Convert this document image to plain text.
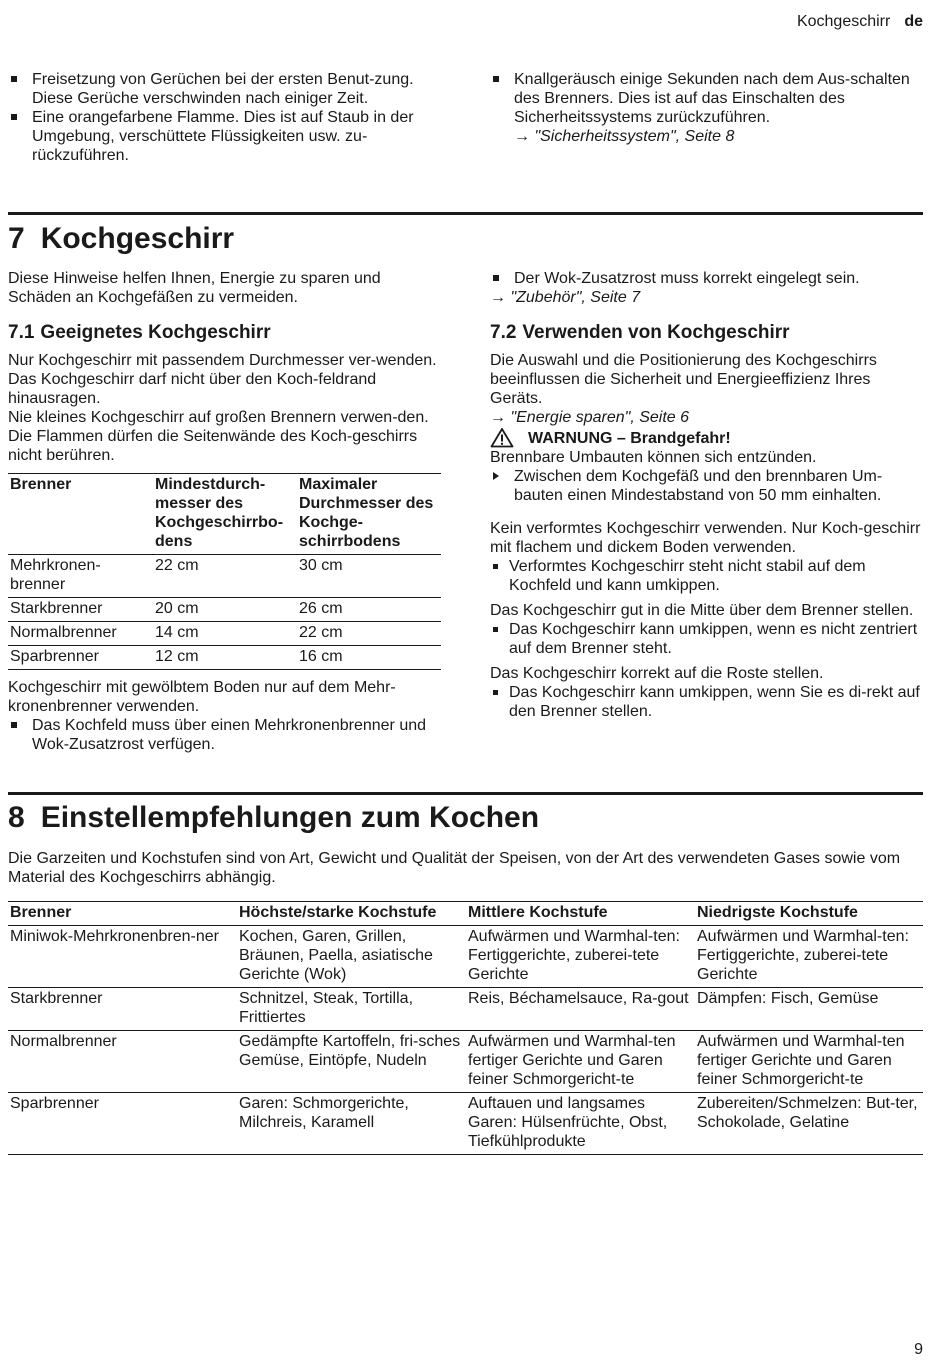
Kochgeschirr de

Freisetzung von Gerüchen bei der ersten Benut-zung. Diese Gerüche verschwinden nach einiger Zeit.

Eine orangefarbene Flamme. Dies ist auf Staub in der Umgebung, verschüttete Flüssigkeiten usw. zu-rückzuführen.

Knallgeräusch einige Sekunden nach dem Aus-schalten des Brenners. Dies ist auf das Einschalten des Sicherheitssystems zurückzuführen.

→ "Sicherheitssystem", Seite 8

7 Kochgeschirr

Diese Hinweise helfen Ihnen, Energie zu sparen und Schäden an Kochgefäßen zu vermeiden.

7.1 Geeignetes Kochgeschirr

Nur Kochgeschirr mit passendem Durchmesser ver-wenden. Das Kochgeschirr darf nicht über den Koch-feldrand hinausragen.

Nie kleines Kochgeschirr auf großen Brennern verwen-den. Die Flammen dürfen die Seitenwände des Koch-geschirrs nicht berühren.

Brenner	Mindestdurch-messer des Kochgeschirrbo-dens	Maximaler Durchmesser des Kochge-schirrbodens
Mehrkronen-brenner	22 cm	30 cm
Starkbrenner	20 cm	26 cm
Normalbrenner	14 cm	22 cm
Sparbrenner	12 cm	16 cm

Kochgeschirr mit gewölbtem Boden nur auf dem Mehr-kronenbrenner verwenden.

Das Kochfeld muss über einen Mehrkronenbrenner und Wok-Zusatzrost verfügen.

Der Wok-Zusatzrost muss korrekt eingelegt sein.

→ "Zubehör", Seite 7

7.2 Verwenden von Kochgeschirr

Die Auswahl und die Positionierung des Kochgeschirrs beeinflussen die Sicherheit und Energieeffizienz Ihres Geräts.

→ "Energie sparen", Seite 6

WARNUNG – Brandgefahr!

Brennbare Umbauten können sich entzünden.

Zwischen dem Kochgefäß und den brennbaren Um-bauten einen Mindestabstand von 50 mm einhalten.

Kein verformtes Kochgeschirr verwenden. Nur Koch-geschirr mit flachem und dickem Boden verwenden.

Verformtes Kochgeschirr steht nicht stabil auf dem Kochfeld und kann umkippen.

Das Kochgeschirr gut in die Mitte über dem Brenner stellen.

Das Kochgeschirr kann umkippen, wenn es nicht zentriert auf dem Brenner steht.

Das Kochgeschirr korrekt auf die Roste stellen.

Das Kochgeschirr kann umkippen, wenn Sie es di-rekt auf den Brenner stellen.

8 Einstellempfehlungen zum Kochen

Die Garzeiten und Kochstufen sind von Art, Gewicht und Qualität der Speisen, von der Art des verwendeten Gases sowie vom Material des Kochgeschirrs abhängig.

Brenner	Höchste/starke Kochstufe	Mittlere Kochstufe	Niedrigste Kochstufe
Miniwok-Mehrkronenbren-ner	Kochen, Garen, Grillen, Bräunen, Paella, asiatische Gerichte (Wok)	Aufwärmen und Warmhal-ten: Fertiggerichte, zuberei-tete Gerichte	Aufwärmen und Warmhal-ten: Fertiggerichte, zuberei-tete Gerichte
Starkbrenner	Schnitzel, Steak, Tortilla, Frittiertes	Reis, Béchamelsauce, Ra-gout	Dämpfen: Fisch, Gemüse
Normalbrenner	Gedämpfte Kartoffeln, fri-sches Gemüse, Eintöpfe, Nudeln	Aufwärmen und Warmhal-ten fertiger Gerichte und Garen feiner Schmorgericht-te	Aufwärmen und Warmhal-ten fertiger Gerichte und Garen feiner Schmorgericht-te
Sparbrenner	Garen: Schmorgerichte, Milchreis, Karamell	Auftauen und langsames Garen: Hülsenfrüchte, Obst, Tiefkühlprodukte	Zubereiten/Schmelzen: But-ter, Schokolade, Gelatine
9
